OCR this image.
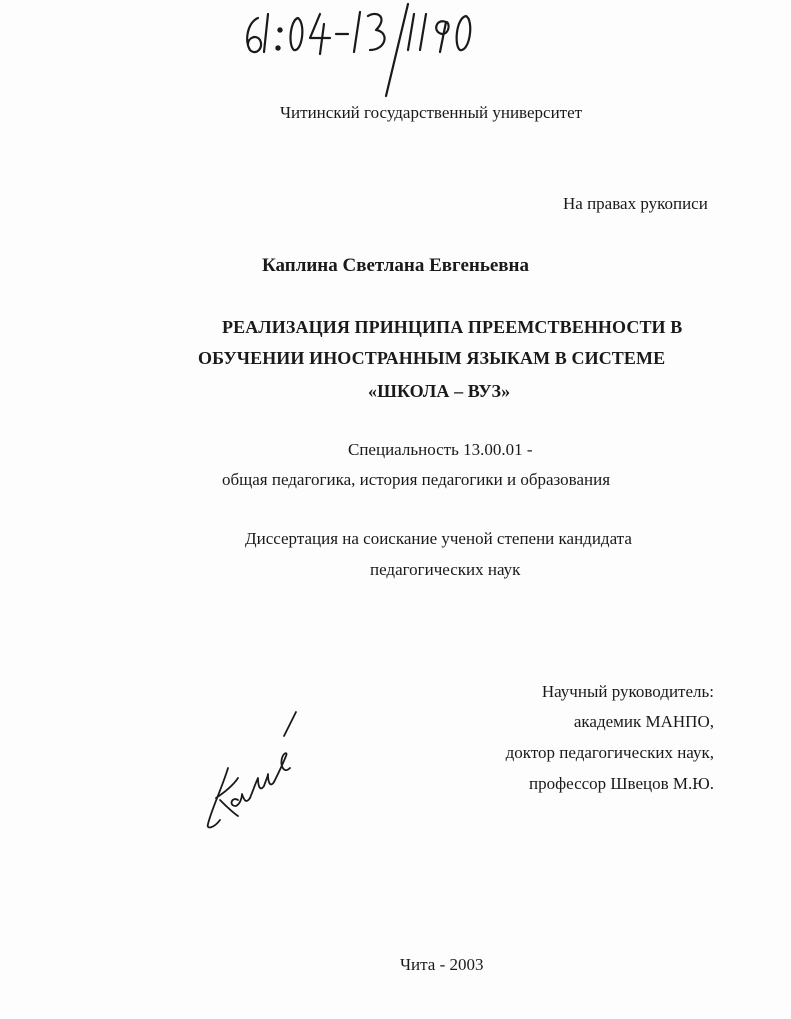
Читинский государственный университет
На правах рукописи
Каплина Светлана Евгеньевна
РЕАЛИЗАЦИЯ ПРИНЦИПА ПРЕЕМСТВЕННОСТИ В
ОБУЧЕНИИ ИНОСТРАННЫМ ЯЗЫКАМ В СИСТЕМЕ
«ШКОЛА – ВУЗ»
Специальность 13.00.01 -
общая педагогика, история педагогики и образования
Диссертация на соискание ученой степени кандидата
педагогических наук
Научный руководитель:
академик МАНПО,
доктор педагогических наук,
профессор Швецов М.Ю.
Чита - 2003
